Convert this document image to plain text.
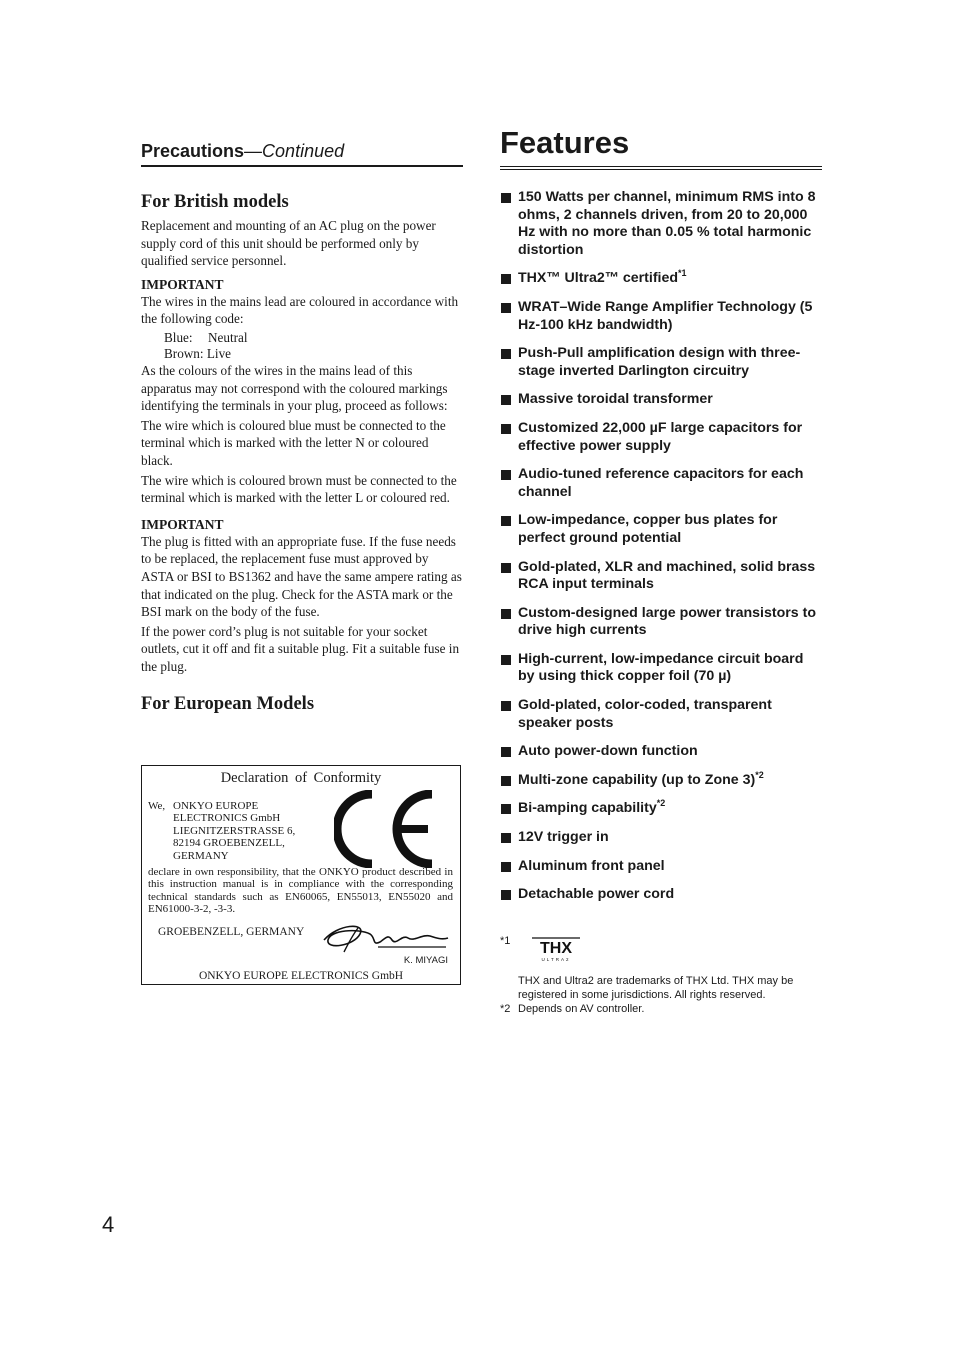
Precautions—Continued
For British models

Replacement and mounting of an AC plug on the power supply cord of this unit should be performed only by qualified service personnel.

IMPORTANT

The wires in the mains lead are coloured in accordance with the following code:

Blue: Neutral
Brown: Live

As the colours of the wires in the mains lead of this apparatus may not correspond with the coloured markings identifying the terminals in your plug, proceed as follows:

The wire which is coloured blue must be connected to the terminal which is marked with the letter N or coloured black.

The wire which is coloured brown must be connected to the terminal which is marked with the letter L or coloured red.

IMPORTANT

The plug is fitted with an appropriate fuse. If the fuse needs to be replaced, the replacement fuse must approved by ASTA or BSI to BS1362 and have the same ampere rating as that indicated on the plug. Check for the ASTA mark or the BSI mark on the body of the fuse.

If the power cord’s plug is not suitable for your socket outlets, cut it off and fit a suitable plug. Fit a suitable fuse in the plug.

For European Models
Declaration of Conformity
We, ONKYO EUROPE
ELECTRONICS GmbH
LIEGNITZERSTRASSE 6,
82194 GROEBENZELL,
GERMANY
declare in own responsibility, that the ONKYO product described in this instruction manual is in compliance with the corresponding technical standards such as EN60065, EN55013, EN55020 and EN61000-3-2, -3-3.
GROEBENZELL, GERMANY
K. MIYAGI
ONKYO EUROPE ELECTRONICS GmbH
Features
150 Watts per channel, minimum RMS into 8 ohms, 2 channels driven, from 20 to 20,000 Hz with no more than 0.05 % total harmonic distortion
THX™ Ultra2™ certified$^{*1}$
WRAT–Wide Range Amplifier Technology (5 Hz-100 kHz bandwidth)
Push-Pull amplification design with three-stage inverted Darlington circuitry
Massive toroidal transformer
Customized 22,000 µF large capacitors for effective power supply
Audio-tuned reference capacitors for each channel
Low-impedance, copper bus plates for perfect ground potential
Gold-plated, XLR and machined, solid brass RCA input terminals
Custom-designed large power transistors to drive high currents
High-current, low-impedance circuit board by using thick copper foil (70 µ)
Gold-plated, color-coded, transparent speaker posts
Auto power-down function
Multi-zone capability (up to Zone 3)$^{*2}$
Bi-amping capability$^{*2}$
12V trigger in
Aluminum front panel
Detachable power cord
*1 THX
ULTRA2
THX and Ultra2 are trademarks of THX Ltd. THX may be registered in some jurisdictions. All rights reserved.
*2 Depends on AV controller.
4
